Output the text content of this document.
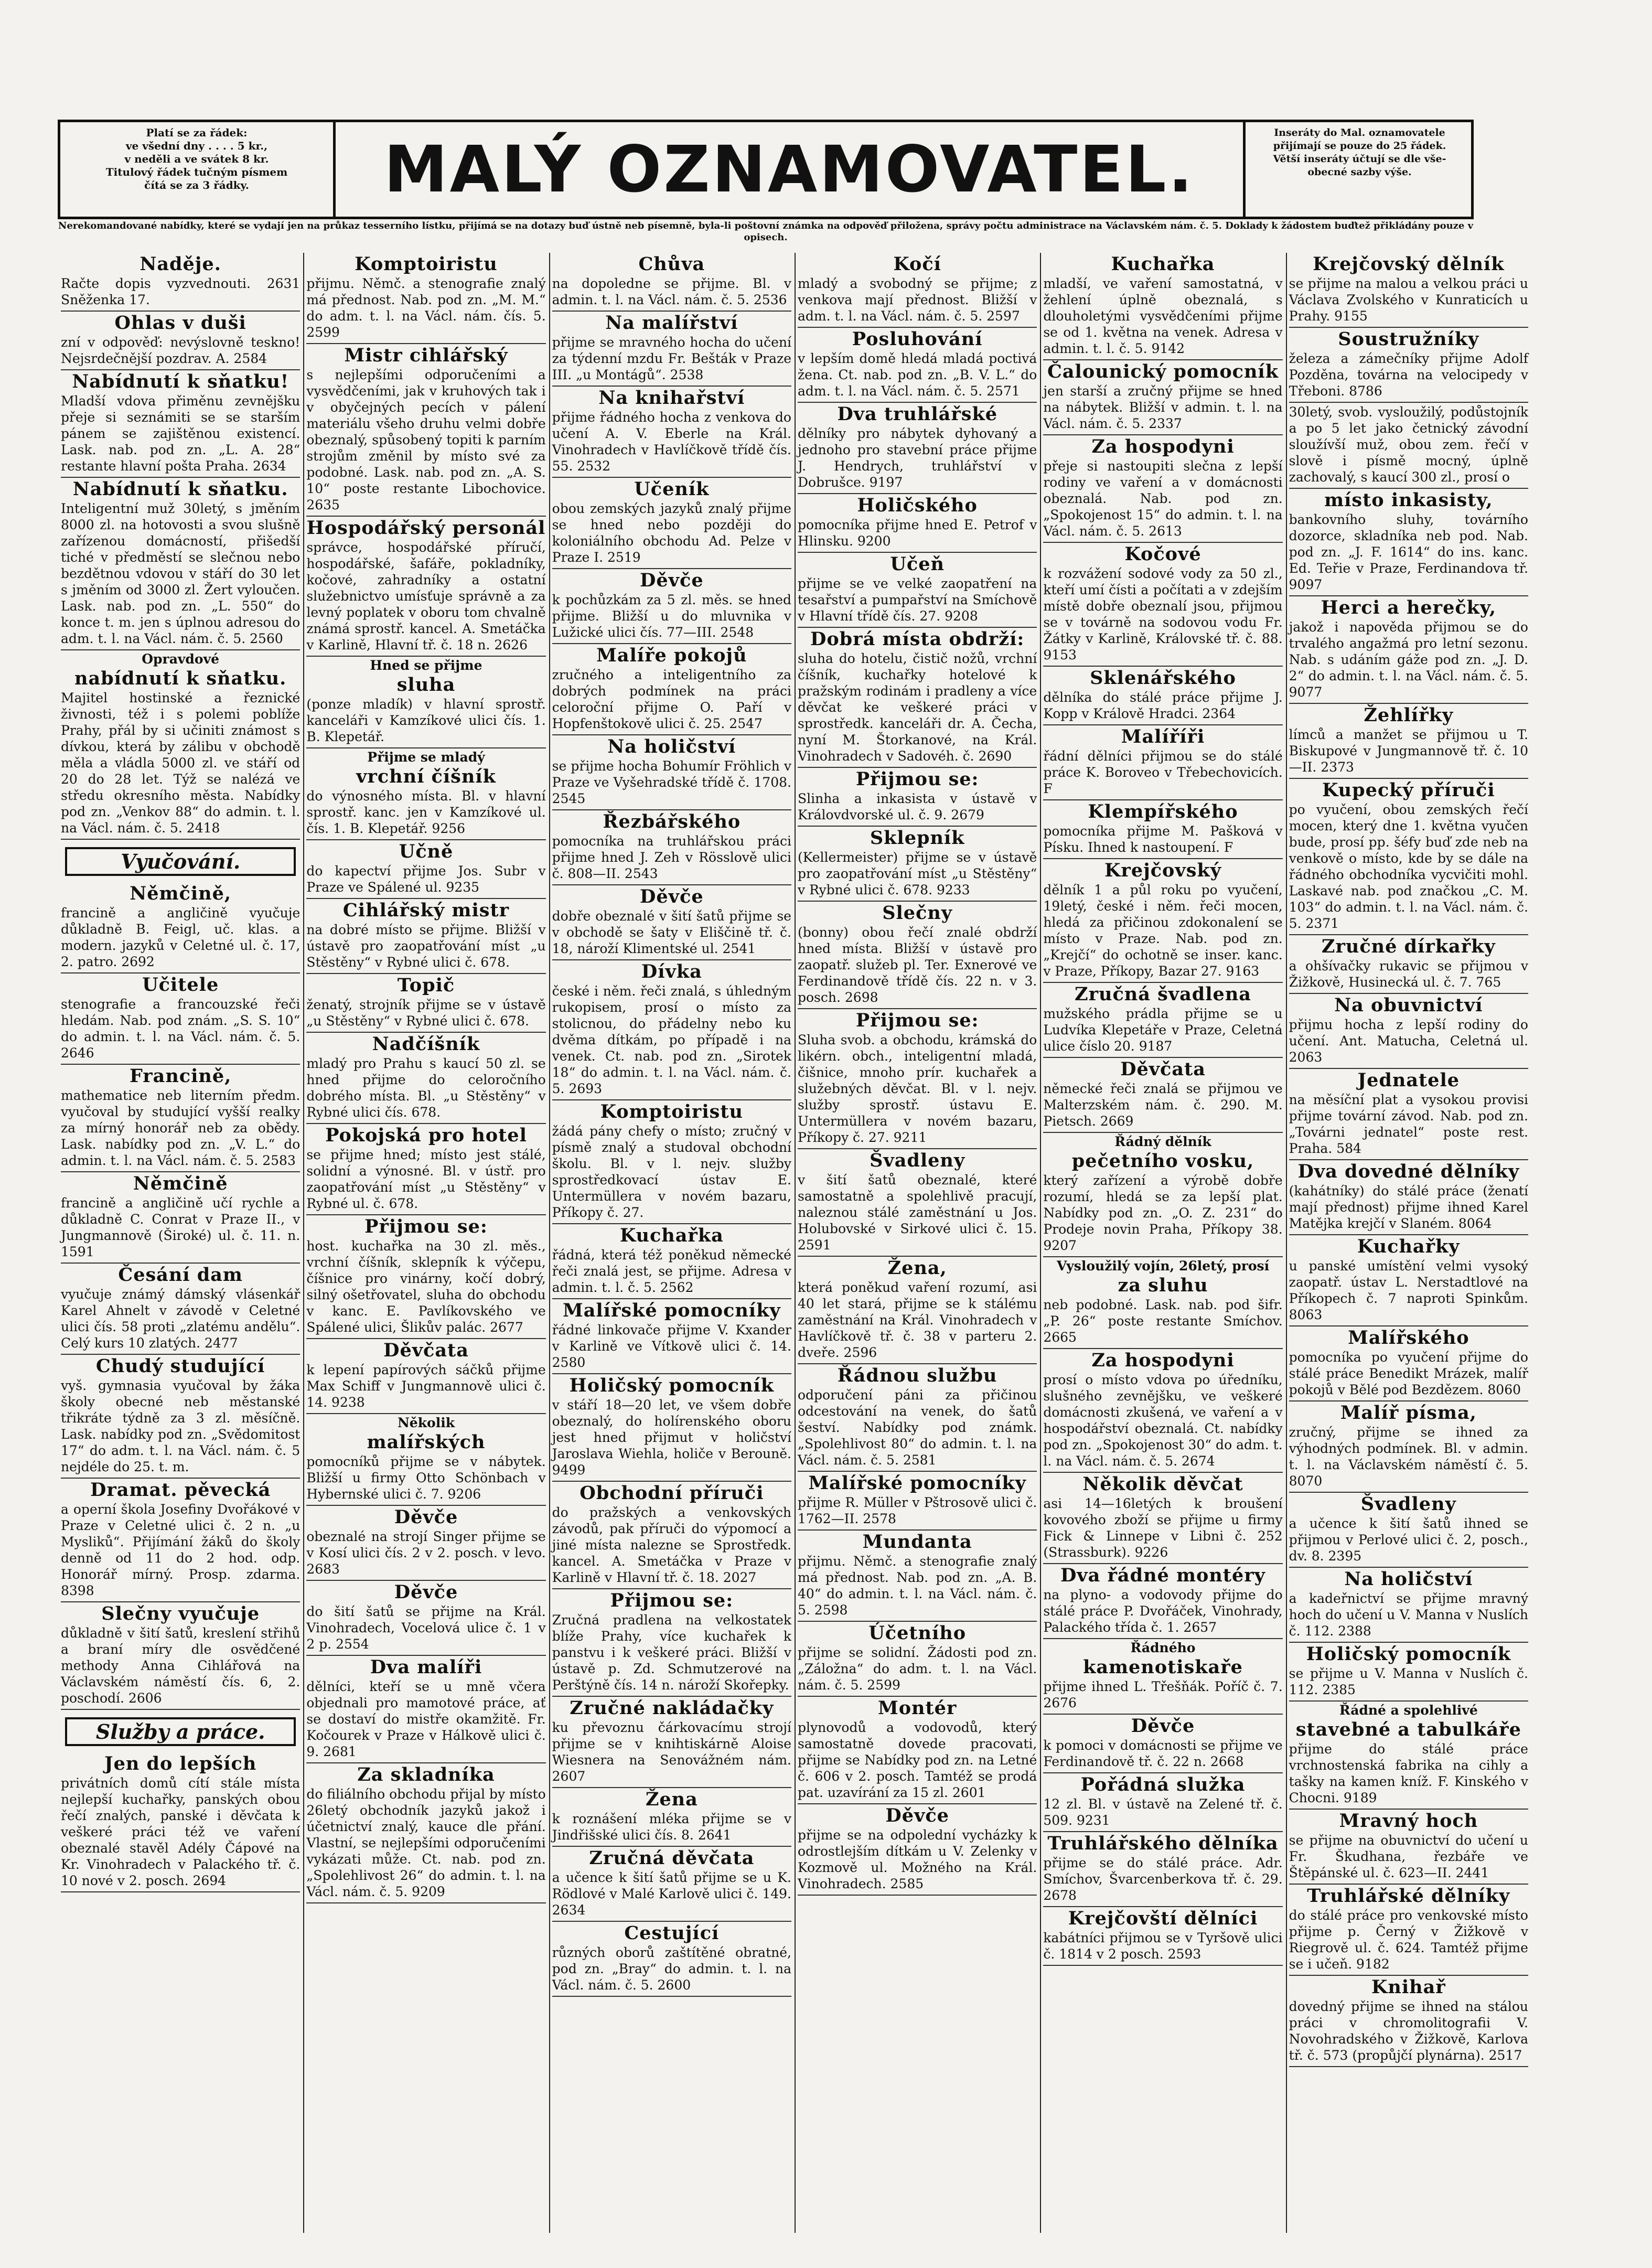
Platí se za řádek:
ve všední dny . . . . 5 kr.,
v neděli a ve svátek 8 kr.
Titulový řádek tučným písmem
čítá se za 3 řádky.	MALÝ OZNAMOVATEL.	Inseráty do Mal. oznamovatele
přijímají se pouze do 25 řádek.
Větší inseráty účtují se dle vše-
obecné sazby výše.
Nerekomandované nabídky, které se vydají jen na průkaz tesserního lístku, přijímá se na dotazy buď ústně neb písemně, byla-li poštovní známka na odpověď přiložena, správy počtu administrace na Václavském nám. č. 5. Doklady k žádostem buďtež přikládány pouze v opisech.
Naděje.

Račte dopis vyzvednouti. 2631 Sněženka 17.

Ohlas v duši

zní v odpověď: nevýslovně teskno! Nejsrdečnější pozdrav. A. 2584

Nabídnutí k sňatku!

Mladší vdova přiměnu zevnějšku přeje si seznámiti se se starším pánem se zajištěnou existencí. Lask. nab. pod zn. „L. A. 28“ restante hlavní pošta Praha. 2634

Nabídnutí k sňatku.

Inteligentní muž 30letý, s jměním 8000 zl. na hotovosti a svou slušně zařízenou domácností, přišedší tiché v předměstí se slečnou nebo bezdětnou vdovou v stáří do 30 let s jměním od 3000 zl. Žert vyloučen. Lask. nab. pod zn. „L. 550“ do konce t. m. jen s úplnou adresou do adm. t. l. na Václ. nám. č. 5. 2560

Opravdové
nabídnutí k sňatku.

Majitel hostinské a řeznické živnosti, též i s polemi poblíže Prahy, přál by si učiniti známost s dívkou, která by zálibu v obchodě měla a vládla 5000 zl. ve stáří od 20 do 28 let. Týž se nalézá ve středu okresního města. Nabídky pod zn. „Venkov 88“ do admin. t. l. na Václ. nám. č. 5. 2418

Vyučování.
Němčině,

francině a angličině vyučuje důkladně B. Feigl, uč. klas. a modern. jazyků v Celetné ul. č. 17, 2. patro. 2692

Učitele

stenografie a francouzské řeči hledám. Nab. pod znám. „S. S. 10“ do admin. t. l. na Václ. nám. č. 5. 2646

Francině,

mathematice neb literním předm. vyučoval by studující vyšší realky za mírný honorář neb za obědy. Lask. nabídky pod zn. „V. L.“ do admin. t. l. na Václ. nám. č. 5. 2583

Němčině

francině a angličině učí rychle a důkladně C. Conrat v Praze II., v Jungmannově (Široké) ul. č. 11. n. 1591

Česání dam

vyučuje známý dámský vlásenkář Karel Ahnelt v závodě v Celetné ulici čís. 58 proti „zlatému andělu“. Celý kurs 10 zlatých. 2477

Chudý studující

vyš. gymnasia vyučoval by žáka školy obecné neb městanské třikráte týdně za 3 zl. měsíčně. Lask. nabídky pod zn. „Svědomitost 17“ do adm. t. l. na Václ. nám. č. 5 nejdéle do 25. t. m.

Dramat. pěvecká

a operní škola Josefiny Dvořákové v Praze v Celetné ulici č. 2 n. „u Mysliků“. Přijímání žáků do školy denně od 11 do 2 hod. odp. Honorář mírný. Prosp. zdarma. 8398

Slečny vyučuje

důkladně v šití šatů, kreslení střihů a braní míry dle osvědčené methody Anna Cihlářová na Václavském náměstí čís. 6, 2. poschodí. 2606

Služby a práce.
Jen do lepších

privátních domů cítí stále místa nejlepší kuchařky, panských obou řečí znalých, panské i děvčata k veškeré práci též ve vaření obeznalé stavěl Adély Čápové na Kr. Vinohradech v Palackého tř. č. 10 nové v 2. posch. 2694

Komptoiristu

přijmu. Němč. a stenografie znalý má přednost. Nab. pod zn. „M. M.“ do adm. t. l. na Václ. nám. čís. 5. 2599

Mistr cihlářský

s nejlepšími odporučeními a vysvědčeními, jak v kruhových tak i v obyčejných pecích v pálení materiálu všeho druhu velmi dobře obeznalý, spůsobený topiti k parním strojům změnil by místo své za podobné. Lask. nab. pod zn. „A. S. 10“ poste restante Libochovice. 2635

Hospodářský personál

správce, hospodářské příručí, hospodářské, šafáře, pokladníky, kočové, zahradníky a ostatní služebnictvo umísťuje správně a za levný poplatek v oboru tom chvalně známá sprostř. kancel. A. Smetáčka v Karlině, Hlavní tř. č. 18 n. 2626

Hned se přijme
sluha

(ponze mladík) v hlavní sprostř. kanceláři v Kamzíkové ulici čís. 1. B. Klepetář.

Přijme se mladý
vrchní číšník

do výnosného místa. Bl. v hlavní sprostř. kanc. jen v Kamzíkové ul. čís. 1. B. Klepetář. 9256

Učně

do kapectví přijme Jos. Subr v Praze ve Spálené ul. 9235

Cihlářský mistr

na dobré místo se přijme. Bližší v ústavě pro zaopatřování míst „u Stěstěny“ v Rybné ulici č. 678.

Topič

ženatý, strojník přijme se v ústavě „u Stěstěny“ v Rybné ulici č. 678.

Nadčíšník

mladý pro Prahu s kaucí 50 zl. se hned přijme do celoročního dobrého místa. Bl. „u Stěstěny“ v Rybné ulici čís. 678.

Pokojská pro hotel

se přijme hned; místo jest stálé, solidní a výnosné. Bl. v ústř. pro zaopatřování míst „u Stěstěny“ v Rybné ul. č. 678.

Přijmou se:

host. kuchařka na 30 zl. měs., vrchní číšník, sklepník k výčepu, číšnice pro vinárny, kočí dobrý, silný ošetřovatel, sluha do obchodu v kanc. E. Pavlíkovského ve Spálené ulici, Šlikův palác. 2677

Děvčata

k lepení papírových sáčků přijme Max Schiff v Jungmannově ulici č. 14. 9238

Několik
malířských

pomocníků přijme se v nábytek. Bližší u firmy Otto Schönbach v Hybernské ulici č. 7. 9206

Děvče

obeznalé na strojí Singer přijme se v Kosí ulici čís. 2 v 2. posch. v levo. 2683

Děvče

do šití šatů se přijme na Král. Vinohradech, Vocelová ulice č. 1 v 2 p. 2554

Dva malíři

dělníci, kteří se u mně včera objednali pro mamotové práce, ať se dostaví do mistře okamžitě. Fr. Kočourek v Praze v Hálkově ulici č. 9. 2681

Za skladníka

do filiálního obchodu přijal by místo 26letý obchodník jazyků jakož i účetnictví znalý, kauce dle přání. Vlastní, se nejlepšími odporučeními vykázati může. Ct. nab. pod zn. „Spolehlivost 26“ do admin. t. l. na Václ. nám. č. 5. 9209

Chůva

na dopoledne se přijme. Bl. v admin. t. l. na Václ. nám. č. 5. 2536

Na malířství

přijme se mravného hocha do učení za týdenní mzdu Fr. Bešták v Praze III. „u Montágů“. 2538

Na knihařství

přijme řádného hocha z venkova do učení A. V. Eberle na Král. Vinohradech v Havlíčkově třídě čís. 55. 2532

Učeník

obou zemských jazyků znalý přijme se hned nebo později do koloniálního obchodu Ad. Pelze v Praze I. 2519

Děvče

k pochůzkám za 5 zl. měs. se hned přijme. Bližší u do mluvnika v Lužické ulici čís. 77—III. 2548

Malíře pokojů

zručného a inteligentního za dobrých podmínek na práci celoroční přijme O. Paří v Hopfenštokově ulici č. 25. 2547

Na holičství

se přijme hocha Bohumír Fröhlich v Praze ve Vyšehradské třídě č. 1708. 2545

Řezbářského

pomocníka na truhlářskou práci přijme hned J. Zeh v Rösslově ulici č. 808—II. 2543

Děvče

dobře obeznalé v šití šatů přijme se v obchodě se šaty v Eliščině tř. č. 18, nároží Klimentské ul. 2541

Dívka

české i něm. řeči znalá, s úhledným rukopisem, prosí o místo za stolicnou, do přádelny nebo ku dvěma dítkám, po případě i na venek. Ct. nab. pod zn. „Sirotek 18“ do admin. t. l. na Václ. nám. č. 5. 2693

Komptoiristu

žádá pány chefy o místo; zručný v písmě znalý a studoval obchodní školu. Bl. v l. nejv. služby sprostředkovací ústav E. Untermüllera v novém bazaru, Příkopy č. 27.

Kuchařka

řádná, která též poněkud německé řeči znalá jest, se přijme. Adresa v admin. t. l. č. 5. 2562

Malířské pomocníky

řádné linkovače přijme V. Kxander v Karlině ve Vítkově ulici č. 14. 2580

Holičský pomocník

v stáří 18—20 let, ve všem dobře obeznalý, do holírenského oboru jest hned přijmut v holičství Jaroslava Wiehla, holiče v Berouně. 9499

Obchodní příruči

do pražských a venkovských závodů, pak příruči do výpomocí a jiné místa nalezne se Sprostředk. kancel. A. Smetáčka v Praze v Karlině v Hlavní tř. č. 18. 2027

Přijmou se:

Zručná pradlena na velkostatek blíže Prahy, více kuchařek k panstvu i k veškeré práci. Bližší v ústavě p. Zd. Schmutzerové na Perštýně čís. 14 n. nároží Skořepky.

Zručné nakládačky

ku převoznu čárkovacímu strojí přijme se v knihtiskárně Aloise Wiesnera na Senovážném nám. 2607

Žena

k roznášení mléka přijme se v Jindřišské ulici čís. 8. 2641

Zručná děvčata

a učence k šití šatů přijme se u K. Rödlové v Malé Karlově ulici č. 149. 2634

Cestující

různých oborů zaštítěné obratné, pod zn. „Bray“ do admin. t. l. na Václ. nám. č. 5. 2600

Kočí

mladý a svobodný se přijme; z venkova mají přednost. Bližší v adm. t. l. na Václ. nám. č. 5. 2597

Posluhování

v lepším domě hledá mladá poctivá žena. Ct. nab. pod zn. „B. V. L.“ do adm. t. l. na Václ. nám. č. 5. 2571

Dva truhlářské

dělníky pro nábytek dyhovaný a jednoho pro stavební práce přijme J. Hendrych, truhlářství v Dobrušce. 9197

Holičského

pomocníka přijme hned E. Petrof v Hlinsku. 9200

Učeň

přijme se ve velké zaopatření na tesařství a pumpařství na Smíchově v Hlavní třídě čís. 27. 9208

Dobrá místa obdrží:

sluha do hotelu, čistič nožů, vrchní číšník, kuchařky hotelové k pražským rodinám i pradleny a více děvčat ke veškeré práci v sprostředk. kanceláři dr. A. Čecha, nyní M. Štorkanové, na Král. Vinohradech v Sadovéh. č. 2690

Přijmou se:

Slinha a inkasista v ústavě v Královdvorské ul. č. 9. 2679

Sklepník

(Kellermeister) přijme se v ústavě pro zaopatřování míst „u Stěstěny“ v Rybné ulici č. 678. 9233

Slečny

(bonny) obou řečí znalé obdrží hned místa. Bližší v ústavě pro zaopatř. služeb pl. Ter. Exnerové ve Ferdinandově třídě čís. 22 n. v 3. posch. 2698

Přijmou se:

Sluha svob. a obchodu, krámská do likérn. obch., inteligentní mladá, čišnice, mnoho prír. kuchařek a služebných děvčat. Bl. v l. nejv. služby sprostř. ústavu E. Untermüllera v novém bazaru, Příkopy č. 27. 9211

Švadleny

v šití šatů obeznalé, které samostatně a spolehlivě pracují, naleznou stálé zaměstnání u Jos. Holubovské v Sirkové ulici č. 15. 2591

Žena,

která poněkud vaření rozumí, asi 40 let stará, přijme se k stálému zaměstnání na Král. Vinohradech v Havlíčkově tř. č. 38 v parteru 2. dveře. 2596

Řádnou službu

odporučení páni za přičinou odcestování na venek, do šatů šeství. Nabídky pod známk. „Spolehlivost 80“ do admin. t. l. na Václ. nám. č. 5. 2581

Malířské pomocníky

přijme R. Müller v Pštrosově ulici č. 1762—II. 2578

Mundanta

přijmu. Němč. a stenografie znalý má přednost. Nab. pod zn. „A. B. 40“ do admin. t. l. na Václ. nám. č. 5. 2598

Účetního

přijme se solidní. Žádosti pod zn. „Záložna“ do adm. t. l. na Václ. nám. č. 5. 2599

Montér

plynovodů a vodovodů, který samostatně dovede pracovati, přijme se Nabídky pod zn. na Letné č. 606 v 2. posch. Tamtéž se prodá pat. uzavírání za 15 zl. 2601

Děvče

přijme se na odpolední vycházky k odrostlejším dítkám u V. Zelenky v Kozmově ul. Možného na Král. Vinohradech. 2585

Kuchařka

mladší, ve vaření samostatná, v žehlení úplně obeznalá, s dlouholetými vysvědčeními přijme se od 1. května na venek. Adresa v admin. t. l. č. 5. 9142

Čalounický pomocník

jen starší a zručný přijme se hned na nábytek. Bližší v admin. t. l. na Václ. nám. č. 5. 2337

Za hospodyni

přeje si nastoupiti slečna z lepší rodiny ve vaření a v domácnosti obeznalá. Nab. pod zn. „Spokojenost 15“ do admin. t. l. na Václ. nám. č. 5. 2613

Kočové

k rozvážení sodové vody za 50 zl., kteří umí čísti a počítati a v zdejším místě dobře obeznalí jsou, přijmou se v továrně na sodovou vodu Fr. Žátky v Karlině, Královské tř. č. 88. 9153

Sklenářského

dělníka do stálé práce přijme J. Kopp v Králově Hradci. 2364

Malíříři

řádní dělníci přijmou se do stálé práce K. Boroveo v Třebechovicích. F

Klempířského

pomocníka přijme M. Pašková v Písku. Ihned k nastoupení. F

Krejčovský

dělník 1 a půl roku po vyučení, 19letý, české i něm. řeči mocen, hledá za přičinou zdokonalení se místo v Praze. Nab. pod zn. „Krejčí“ do ochotně se inser. kanc. v Praze, Příkopy, Bazar 27. 9163

Zručná švadlena

mužského prádla přijme se u Ludvíka Klepetáře v Praze, Celetná ulice číslo 20. 9187

Děvčata

německé řeči znalá se přijmou ve Malterzském nám. č. 290. M. Pietsch. 2669

Řádný dělník
pečetního vosku,

který zařízení a výrobě dobře rozumí, hledá se za lepší plat. Nabídky pod zn. „O. Z. 231“ do Prodeje novin Praha, Příkopy 38. 9207

Vysloužilý vojín, 26letý, prosí
za sluhu

neb podobné. Lask. nab. pod šifr. „P. 26“ poste restante Smíchov. 2665

Za hospodyni

prosí o místo vdova po úředníku, slušného zevnějšku, ve veškeré domácnosti zkušená, ve vaření a v hospodářství obeznalá. Ct. nabídky pod zn. „Spokojenost 30“ do adm. t. l. na Václ. nám. č. 5. 2674

Několik děvčat

asi 14—16letých k broušení kovového zboží se přijme u firmy Fick & Linnepe v Libni č. 252 (Strassburk). 9226

Dva řádné montéry

na plyno- a vodovody přijme do stálé práce P. Dvořáček, Vinohrady, Palackého třída č. 1. 2657

Řádného
kamenotiskaře

přijme ihned L. Třešňák. Poříč č. 7. 2676

Děvče

k pomoci v domácnosti se přijme ve Ferdinandově tř. č. 22 n. 2668

Pořádná služka

12 zl. Bl. v ústavě na Zelené tř. č. 509. 9231

Truhlářského dělníka

přijme se do stálé práce. Adr. Smíchov, Švarcenberkova tř. č. 29. 2678

Krejčovští dělníci

kabátníci přijmou se v Tyršově ulici č. 1814 v 2 posch. 2593

Krejčovský dělník

se přijme na malou a velkou práci u Václava Zvolského v Kunraticích u Prahy. 9155

Soustružníky

železa a zámečníky přijme Adolf Pozděna, továrna na velocipedy v Třeboni. 8786

30letý, svob. vysloužilý, podůstojník a po 5 let jako četnický závodní sloužívší muž, obou zem. řečí v slově i písmě mocný, úplně zachovalý, s kaucí 300 zl., prosí o

místo inkasisty,

bankovního sluhy, továrního dozorce, skladníka neb pod. Nab. pod zn. „J. F. 1614“ do ins. kanc. Ed. Teřie v Praze, Ferdinandova tř. 9097

Herci a herečky,

jakož i napověda přijmou se do trvalého angažmá pro letní sezonu. Nab. s udáním gáže pod zn. „J. D. 2“ do admin. t. l. na Václ. nám. č. 5. 9077

Žehlířky

límců a manžet se přijmou u T. Biskupové v Jungmannově tř. č. 10—II. 2373

Kupecký příruči

po vyučení, obou zemských řečí mocen, který dne 1. května vyučen bude, prosí pp. šéfy buď zde neb na venkově o místo, kde by se dále na řádného obchodníka vycvičiti mohl. Laskavé nab. pod značkou „C. M. 103“ do admin. t. l. na Václ. nám. č. 5. 2371

Zručné dírkařky

a ohšívačky rukavic se přijmou v Žižkově, Husinecká ul. č. 7. 765

Na obuvnictví

přijmu hocha z lepší rodiny do učení. Ant. Matucha, Celetná ul. 2063

Jednatele

na měsíční plat a vysokou provisi přijme tovární závod. Nab. pod zn. „Továrni jednatel“ poste rest. Praha. 584

Dva dovedné dělníky

(kahátníky) do stálé práce (ženatí mají přednost) přijme ihned Karel Matějka krejčí v Slaném. 8064

Kuchařky

u panské umístění velmi vysoký zaopatř. ústav L. Nerstadtlové na Příkopech č. 7 naproti Spinkům. 8063

Malířského

pomocníka po vyučení přijme do stálé práce Benedikt Mrázek, malíř pokojů v Bělé pod Bezdězem. 8060

Malíř písma,

zručný, přijme se ihned za výhodných podmínek. Bl. v admin. t. l. na Václavském náměstí č. 5. 8070

Švadleny

a učence k šití šatů ihned se přijmou v Perlové ulici č. 2, posch., dv. 8. 2395

Na holičství

a kadeřnictví se přijme mravný hoch do učení u V. Manna v Nuslích č. 112. 2388

Holičský pomocník

se přijme u V. Manna v Nuslích č. 112. 2385

Řádné a spolehlivé
stavebné a tabulkáře

přijme do stálé práce vrchnostenská fabrika na cihly a tašky na kamen kníž. F. Kinského v Chocni. 9189

Mravný hoch

se přijme na obuvnictví do učení u Fr. Škudhana, řezbáře ve Štěpánské ul. č. 623—II. 2441

Truhlářské dělníky

do stálé práce pro venkovské místo přijme p. Černý v Žižkově v Riegrově ul. č. 624. Tamtéž přijme se i učeň. 9182

Knihař

dovedný přijme se ihned na stálou práci v chromolitografii V. Novohradského v Žižkově, Karlova tř. č. 573 (propůjčí plynárna). 2517
